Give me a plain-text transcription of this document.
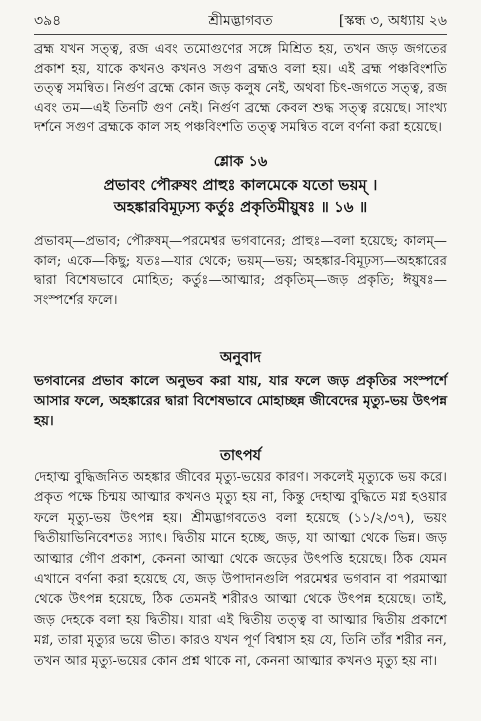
৩৯৪	শ্রীমদ্ভাগবত	[স্কন্ধ ৩, অধ্যায় ২৬

ব্রহ্ম যখন সত্ত্ব, রজ এবং তমোগুণের সঙ্গে মিশ্রিত হয়, তখন জড় জগতের প্রকাশ হয়, যাকে কখনও কখনও সগুণ ব্রহ্মও বলা হয়। এই ব্রহ্ম পঞ্চবিংশতি তত্ত্ব সমন্বিত। নির্গুণ ব্রহ্মে কোন জড় কলুষ নেই, অথবা চিৎ-জগতে সত্ত্ব, রজ এবং তম—এই তিনটি গুণ নেই। নির্গুণ ব্রহ্মে কেবল শুদ্ধ সত্ত্ব রয়েছে। সাংখ্য দর্শনে সগুণ ব্রহ্মকে কাল সহ পঞ্চবিংশতি তত্ত্ব সমন্বিত বলে বর্ণনা করা হয়েছে।

শ্লোক ১৬
প্রভাবং পৌরুষং প্রাহুঃ কালমেকে যতো ভয়ম্ ।
অহঙ্কারবিমূঢ়স্য কর্তুঃ প্রকৃতিমীয়ুষঃ ॥ ১৬ ॥

প্রভাবম্—প্রভাব; পৌরুষম্—পরমেশ্বর ভগবানের; প্রাহুঃ—বলা হয়েছে; কালম্—কাল; একে—কিছু; যতঃ—যার থেকে; ভয়ম্—ভয়; অহঙ্কার-বিমূঢ়স্য—অহঙ্কারের দ্বারা বিশেষভাবে মোহিত; কর্তুঃ—আত্মার; প্রকৃতিম্—জড় প্রকৃতি; ঈয়ুষঃ—সংস্পর্শের ফলে।

অনুবাদ

ভগবানের প্রভাব কালে অনুভব করা যায়, যার ফলে জড় প্রকৃতির সংস্পর্শে আসার ফলে, অহঙ্কারের দ্বারা বিশেষভাবে মোহাচ্ছন্ন জীবেদের মৃত্যু-ভয় উৎপন্ন হয়।

তাৎপর্য

দেহাত্ম বুদ্ধিজনিত অহঙ্কার জীবের মৃত্যু-ভয়ের কারণ। সকলেই মৃত্যুকে ভয় করে। প্রকৃত পক্ষে চিন্ময় আত্মার কখনও মৃত্যু হয় না, কিন্তু দেহাত্ম বুদ্ধিতে মগ্ন হওয়ার ফলে মৃত্যু-ভয় উৎপন্ন হয়। শ্রীমদ্ভাগবতেও বলা হয়েছে (১১/২/৩৭), ভয়ং দ্বিতীয়াভিনিবেশতঃ স্যাৎ। দ্বিতীয় মানে হচ্ছে, জড়, যা আত্মা থেকে ভিন্ন। জড় আত্মার গৌণ প্রকাশ, কেননা আত্মা থেকে জড়ের উৎপত্তি হয়েছে। ঠিক যেমন এখানে বর্ণনা করা হয়েছে যে, জড় উপাদানগুলি পরমেশ্বর ভগবান বা পরমাত্মা থেকে উৎপন্ন হয়েছে, ঠিক তেমনই শরীরও আত্মা থেকে উৎপন্ন হয়েছে। তাই, জড় দেহকে বলা হয় দ্বিতীয়। যারা এই দ্বিতীয় তত্ত্ব বা আত্মার দ্বিতীয় প্রকাশে মগ্ন, তারা মৃত্যুর ভয়ে ভীত। কারও যখন পূর্ণ বিশ্বাস হয় যে, তিনি তাঁর শরীর নন, তখন আর মৃত্যু-ভয়ের কোন প্রশ্ন থাকে না, কেননা আত্মার কখনও মৃত্যু হয় না।
